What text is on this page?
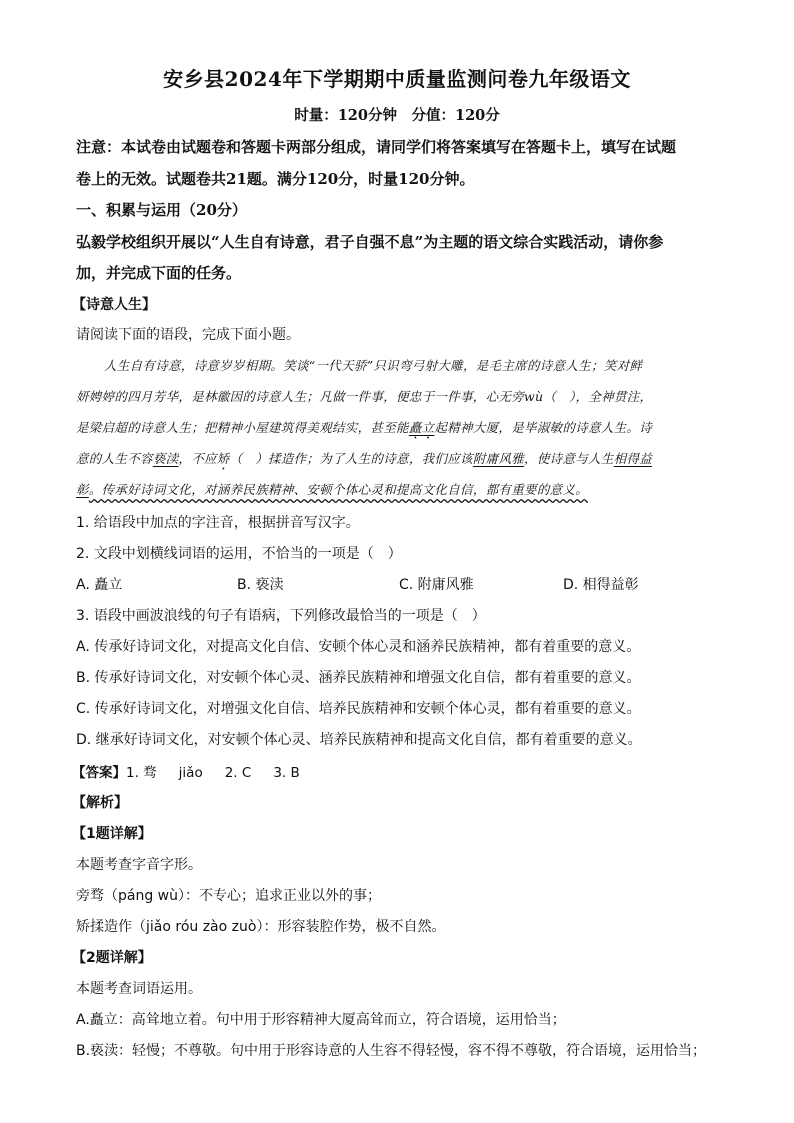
安乡县2024年下学期期中质量监测问卷九年级语文
时量：120分钟　分值：120分
注意：本试卷由试题卷和答题卡两部分组成，请同学们将答案填写在答题卡上，填写在试题
卷上的无效。试题卷共21题。满分120分，时量120分钟。
一、积累与运用（20分）
弘毅学校组织开展以“人生自有诗意，君子自强不息”为主题的语文综合实践活动，请你参
加，并完成下面的任务。
【诗意人生】
请阅读下面的语段，完成下面小题。
人生自有诗意，诗意岁岁相期。笑谈“一代天骄”只识弯弓射大雕，是毛主席的诗意人生；笑对鲜
妍娉婷的四月芳华，是林徽因的诗意人生；凡做一件事，便忠于一件事，心无旁wù（　），全神贯注，
是梁启超的诗意人生；把精神小屋建筑得美观结实，甚至能矗立起精神大厦，是毕淑敏的诗意人生。诗
意的人生不容亵渎，不应矫（　）揉造作；为了人生的诗意，我们应该附庸风雅，使诗意与人生相得益
彰。传承好诗词文化，对涵养民族精神、安顿个体心灵和提高文化自信，都有重要的意义。
1. 给语段中加点的字注音，根据拼音写汉字。
2. 文段中划横线词语的运用，不恰当的一项是（　）
A. 矗立	B. 亵渎	C. 附庸风雅	D. 相得益彰
3. 语段中画波浪线的句子有语病，下列修改最恰当的一项是（　）
A. 传承好诗词文化，对提高文化自信、安顿个体心灵和涵养民族精神，都有着重要的意义。
B. 传承好诗词文化，对安顿个体心灵、涵养民族精神和增强文化自信，都有着重要的意义。
C. 传承好诗词文化，对增强文化自信、培养民族精神和安顿个体心灵，都有着重要的意义。
D. 继承好诗词文化，对安顿个体心灵、培养民族精神和提高文化自信，都有着重要的意义。
【答案】1. 骛 jiǎo 2. C 3. B
【解析】
【1题详解】
本题考查字音字形。
旁骛（páng wù）：不专心；追求正业以外的事；
矫揉造作（jiǎo róu zào zuò）：形容装腔作势，极不自然。
【2题详解】
本题考查词语运用。
A.矗立：高耸地立着。句中用于形容精神大厦高耸而立，符合语境，运用恰当；
B.亵渎：轻慢；不尊敬。句中用于形容诗意的人生容不得轻慢，容不得不尊敬，符合语境，运用恰当；
